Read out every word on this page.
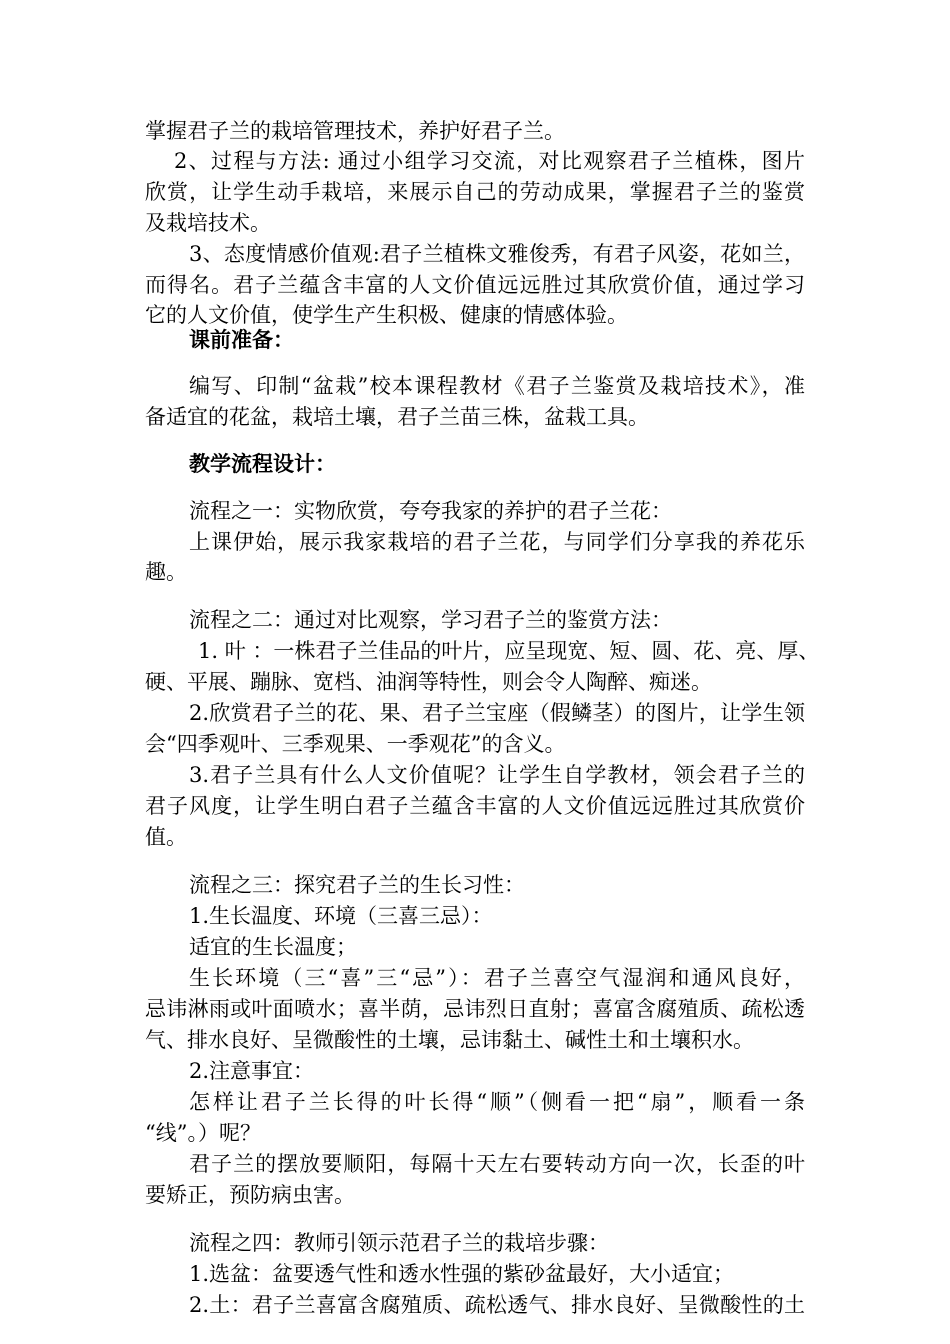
掌握君子兰的栽培管理技术，养护好君子兰。
2、过程与方法: 通过小组学习交流，对比观察君子兰植株，图片
欣赏，让学生动手栽培，来展示自己的劳动成果，掌握君子兰的鉴赏
及栽培技术。
3、态度情感价值观:君子兰植株文雅俊秀，有君子风姿，花如兰，
而得名。君子兰蕴含丰富的人文价值远远胜过其欣赏价值，通过学习
它的人文价值，使学生产生积极、健康的情感体验。
课前准备：
编写、印制“盆栽”校本课程教材《君子兰鉴赏及栽培技术》，准
备适宜的花盆，栽培土壤，君子兰苗三株，盆栽工具。
教学流程设计：
流程之一：实物欣赏，夸夸我家的养护的君子兰花：
上课伊始，展示我家栽培的君子兰花，与同学们分享我的养花乐
趣。
流程之二：通过对比观察，学习君子兰的鉴赏方法：
1. 叶 ：一株君子兰佳品的叶片，应呈现宽、短、圆、花、亮、厚、
硬、平展、蹦脉、宽档、油润等特性，则会令人陶醉、痴迷。
2.欣赏君子兰的花、果、君子兰宝座（假鳞茎）的图片，让学生领
会“四季观叶、三季观果、一季观花”的含义。
3.君子兰具有什么人文价值呢？让学生自学教材，领会君子兰的
君子风度，让学生明白君子兰蕴含丰富的人文价值远远胜过其欣赏价
值。
流程之三：探究君子兰的生长习性：
1.生长温度、环境（三喜三忌）：
适宜的生长温度；
生长环境（三“喜”三“忌”）：君子兰喜空气湿润和通风良好，
忌讳淋雨或叶面喷水；喜半荫，忌讳烈日直射；喜富含腐殖质、疏松透
气、排水良好、呈微酸性的土壤，忌讳黏土、碱性土和土壤积水。
2.注意事宜：
怎样让君子兰长得的叶长得“顺”（侧看一把“扇”，顺看一条
“线”。）呢？
君子兰的摆放要顺阳，每隔十天左右要转动方向一次，长歪的叶
要矫正，预防病虫害。
流程之四：教师引领示范君子兰的栽培步骤：
1.选盆：盆要透气性和透水性强的紫砂盆最好，大小适宜；
2.土：君子兰喜富含腐殖质、疏松透气、排水良好、呈微酸性的土
